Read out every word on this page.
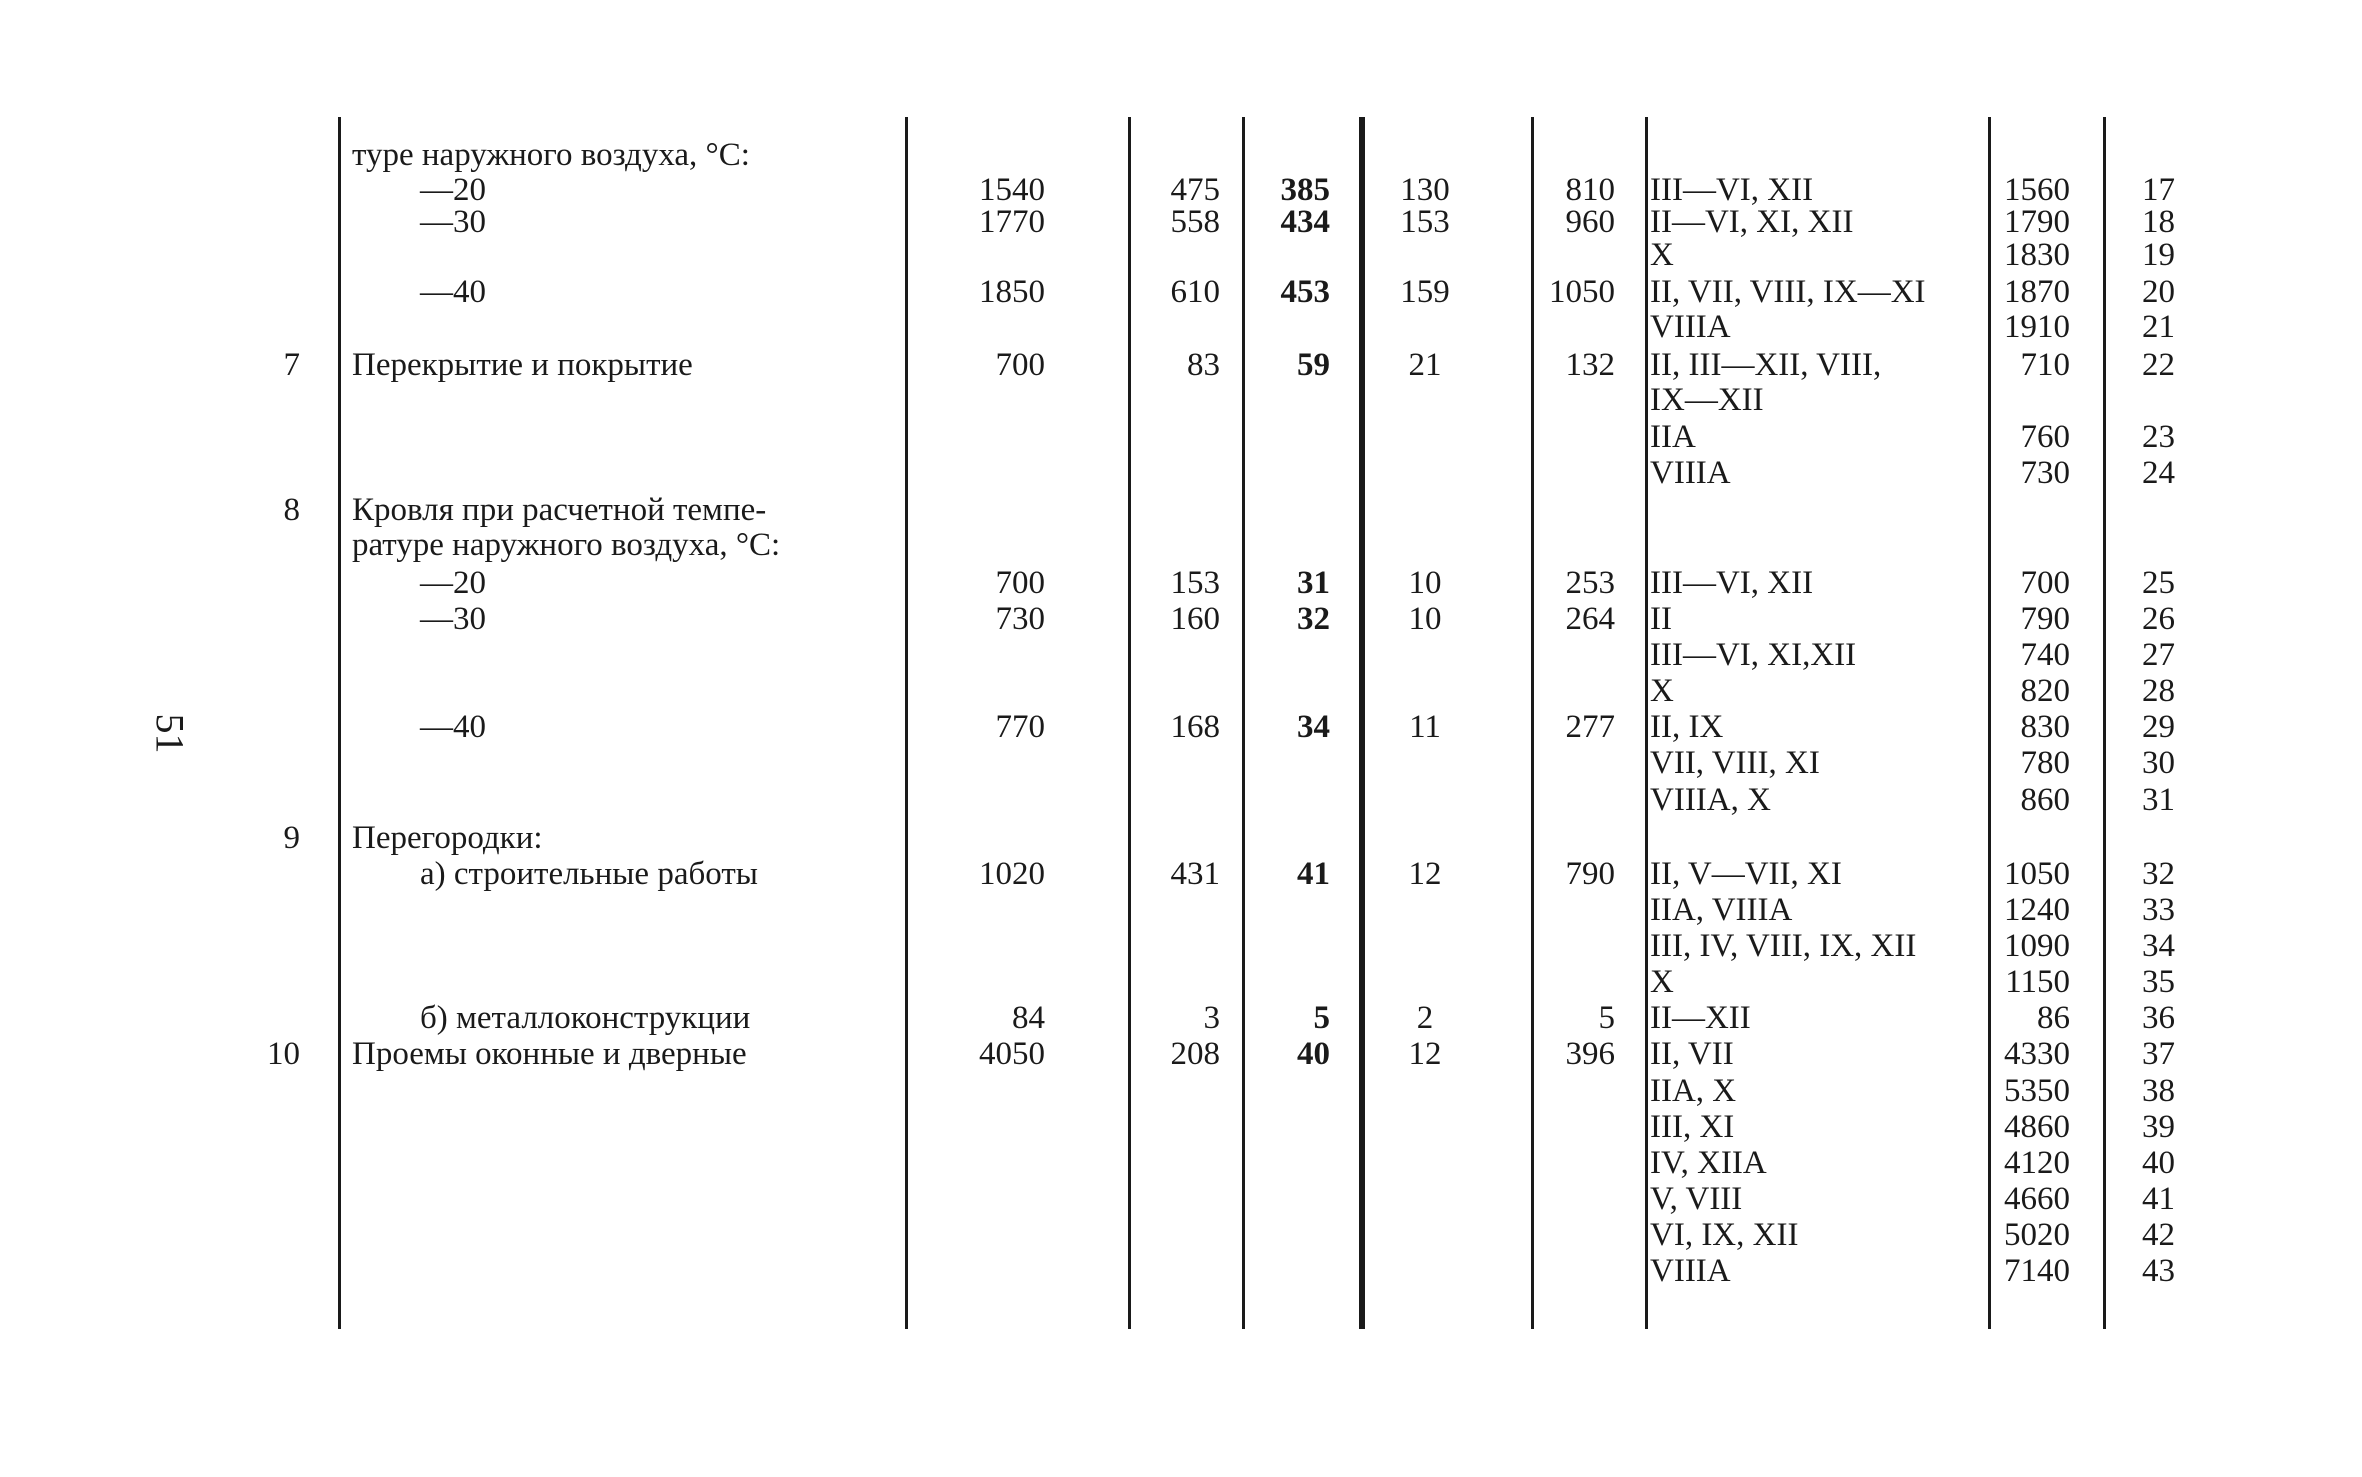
51
туре наружного воздуха, °С:
—20	1540	475	385	130	810 III—VI, XII	1560	17
—30	1770	558	434	153	960 II—VI, XI, XII	1790	18
X	1830	19
—40	1850	610	453	159	1050 II, VII, VIII, IX—XI	1870	20
VIIIA	1910	21
7 Перекрытие и покрытие	700	83	59	21	132 II, III—XII, VIII,	710	22
IX—XII
IIA	760	23
VIIIA	730	24
8 Кровля при расчетной темпе-
ратуре наружного воздуха, °С:
—20	700	153	31	10	253 III—VI, XII	700	25
—30	730	160	32	10	264 II	790	26
III—VI, XI,XII	740	27
X	820	28
—40	770	168	34	11	277 II, IX	830	29
VII, VIII, XI	780	30
VIIIA, X	860	31
9 Перегородки:
а) строительные работы	1020	431	41	12	790 II, V—VII, XI	1050	32
IIA, VIIIA	1240	33
III, IV, VIII, IX, XII	1090	34
X	1150	35
б) металлоконструкции	84	3	5	2	5 II—XII	86	36
10 Проемы оконные и дверные	4050	208	40	12	396 II, VII	4330	37
IIA, X	5350	38
III, XI	4860	39
IV, XIIA	4120	40
V, VIII	4660	41
VI, IX, XII	5020	42
VIIIA	7140	43
